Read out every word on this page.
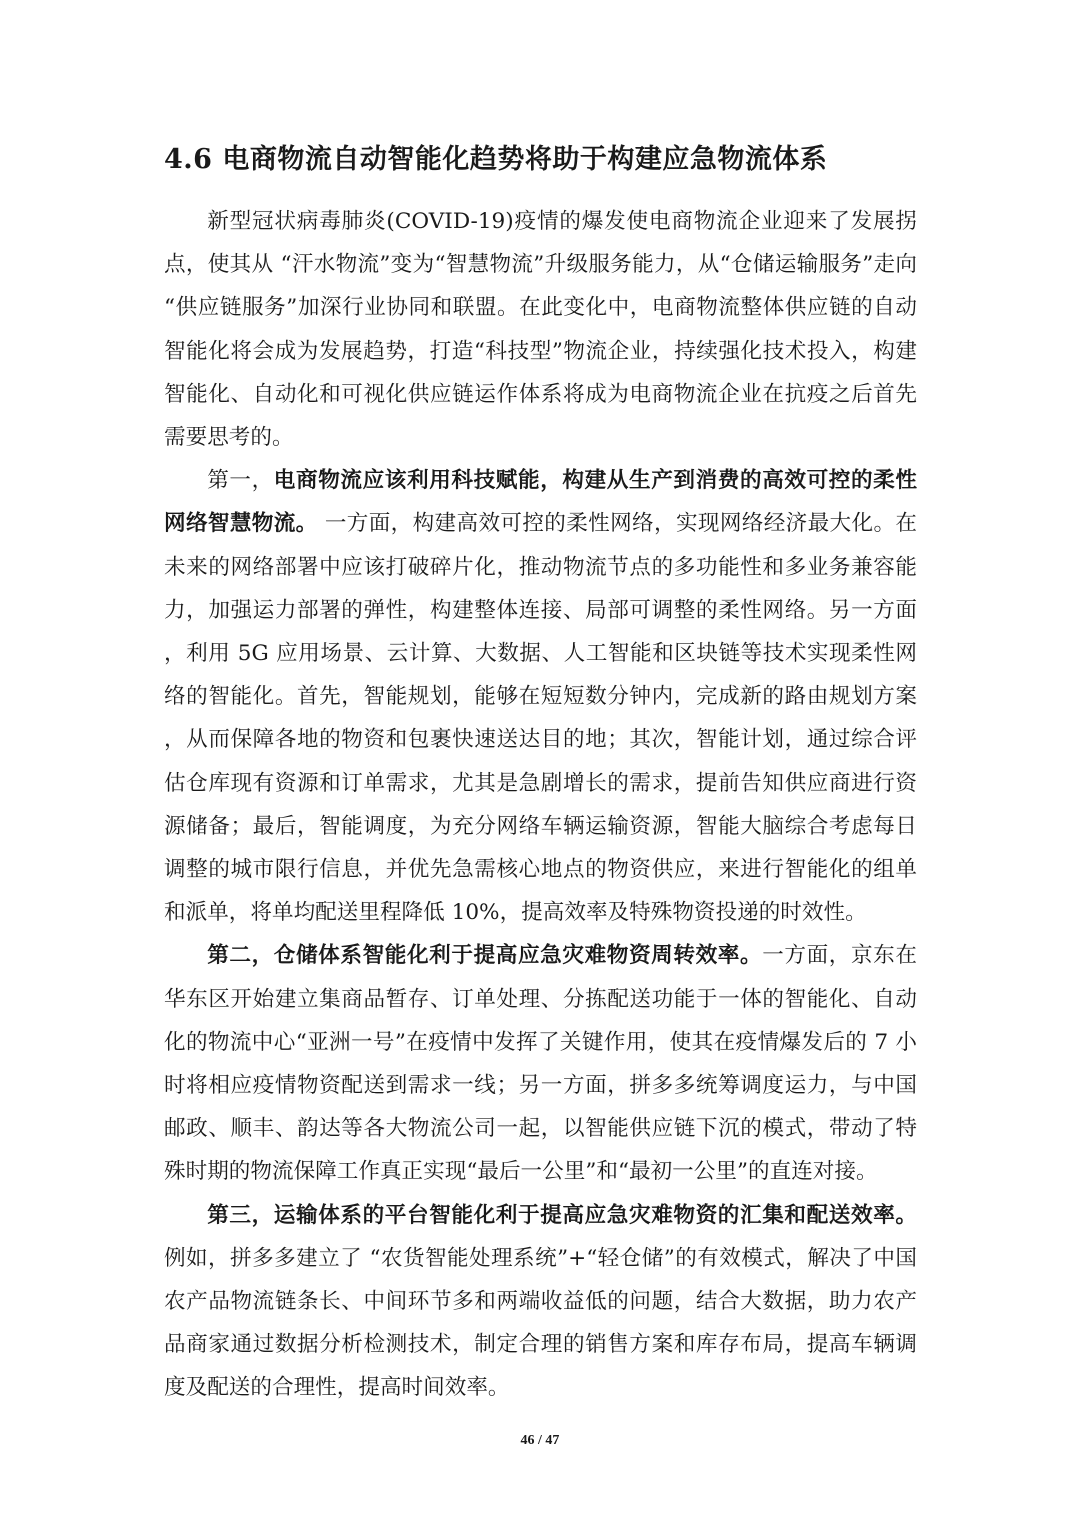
4.6 电商物流自动智能化趋势将助于构建应急物流体系

新型冠状病毒肺炎(COVID-19)疫情的爆发使电商物流企业迎来了发展拐点，使其从 “汗水物流”变为“智慧物流”升级服务能力，从“仓储运输服务”走向“供应链服务”加深行业协同和联盟。在此变化中，电商物流整体供应链的自动智能化将会成为发展趋势，打造“科技型”物流企业，持续强化技术投入，构建智能化、自动化和可视化供应链运作体系将成为电商物流企业在抗疫之后首先需要思考的。

第一，电商物流应该利用科技赋能，构建从生产到消费的高效可控的柔性网络智慧物流。 一方面，构建高效可控的柔性网络，实现网络经济最大化。在未来的网络部署中应该打破碎片化，推动物流节点的多功能性和多业务兼容能力，加强运力部署的弹性，构建整体连接、局部可调整的柔性网络。另一方面，利用 5G 应用场景、云计算、大数据、人工智能和区块链等技术实现柔性网络的智能化。首先，智能规划，能够在短短数分钟内，完成新的路由规划方案，从而保障各地的物资和包裹快速送达目的地；其次，智能计划，通过综合评估仓库现有资源和订单需求，尤其是急剧增长的需求，提前告知供应商进行资源储备；最后，智能调度，为充分网络车辆运输资源，智能大脑综合考虑每日调整的城市限行信息，并优先急需核心地点的物资供应，来进行智能化的组单和派单，将单均配送里程降低 10%，提高效率及特殊物资投递的时效性。

第二，仓储体系智能化利于提高应急灾难物资周转效率。一方面，京东在华东区开始建立集商品暂存、订单处理、分拣配送功能于一体的智能化、自动化的物流中心“亚洲一号”在疫情中发挥了关键作用，使其在疫情爆发后的 7 小时将相应疫情物资配送到需求一线；另一方面，拼多多统筹调度运力，与中国邮政、顺丰、韵达等各大物流公司一起，以智能供应链下沉的模式，带动了特殊时期的物流保障工作真正实现“最后一公里”和“最初一公里”的直连对接。

第三，运输体系的平台智能化利于提高应急灾难物资的汇集和配送效率。例如，拼多多建立了 “农货智能处理系统”+“轻仓储”的有效模式，解决了中国农产品物流链条长、中间环节多和两端收益低的问题，结合大数据，助力农产品商家通过数据分析检测技术，制定合理的销售方案和库存布局，提高车辆调度及配送的合理性，提高时间效率。

46 / 47
